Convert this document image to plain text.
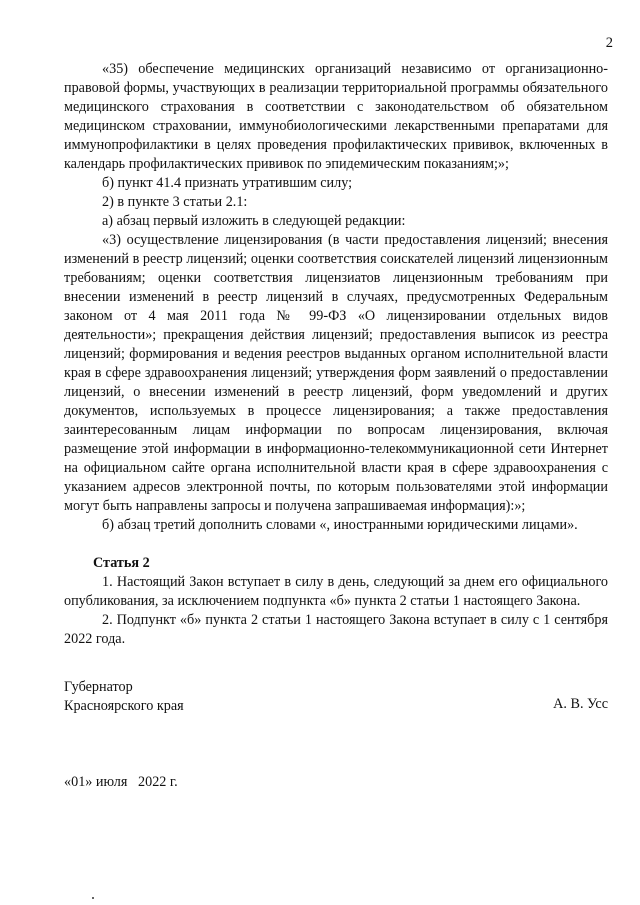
2

«35) обеспечение медицинских организаций независимо от организационно-правовой формы, участвующих в реализации территориальной программы обязательного медицинского страхования в соответствии с законодательством об обязательном медицинском страховании, иммунобиологическими лекарственными препаратами для иммунопрофилактики в целях проведения профилактических прививок, включенных в календарь профилактических прививок по эпидемическим показаниям;»;

б) пункт 41.4 признать утратившим силу;

2) в пункте 3 статьи 2.1:

а) абзац первый изложить в следующей редакции:

«3) осуществление лицензирования (в части предоставления лицензий; внесения изменений в реестр лицензий; оценки соответствия соискателей лицензий лицензионным требованиям; оценки соответствия лицензиатов лицензионным требованиям при внесении изменений в реестр лицензий в случаях, предусмотренных Федеральным законом от 4 мая 2011 года № 99-ФЗ «О лицензировании отдельных видов деятельности»; прекращения действия лицензий; предоставления выписок из реестра лицензий; формирования и ведения реестров выданных органом исполнительной власти края в сфере здравоохранения лицензий; утверждения форм заявлений о предоставлении лицензий, о внесении изменений в реестр лицензий, форм уведомлений и других документов, используемых в процессе лицензирования; а также предоставления заинтересованным лицам информации по вопросам лицензирования, включая размещение этой информации в информационно-телекоммуникационной сети Интернет на официальном сайте органа исполнительной власти края в сфере здравоохранения с указанием адресов электронной почты, по которым пользователями этой информации могут быть направлены запросы и получена запрашиваемая информация):»;

б) абзац третий дополнить словами «, иностранными юридическими лицами».

Статья 2

1. Настоящий Закон вступает в силу в день, следующий за днем его официального опубликования, за исключением подпункта «б» пункта 2 статьи 1 настоящего Закона.

2. Подпункт «б» пункта 2 статьи 1 настоящего Закона вступает в силу с 1 сентября 2022 года.

Губернатор
Красноярского края	А. В. Усс
«01» июля   2022 г.
